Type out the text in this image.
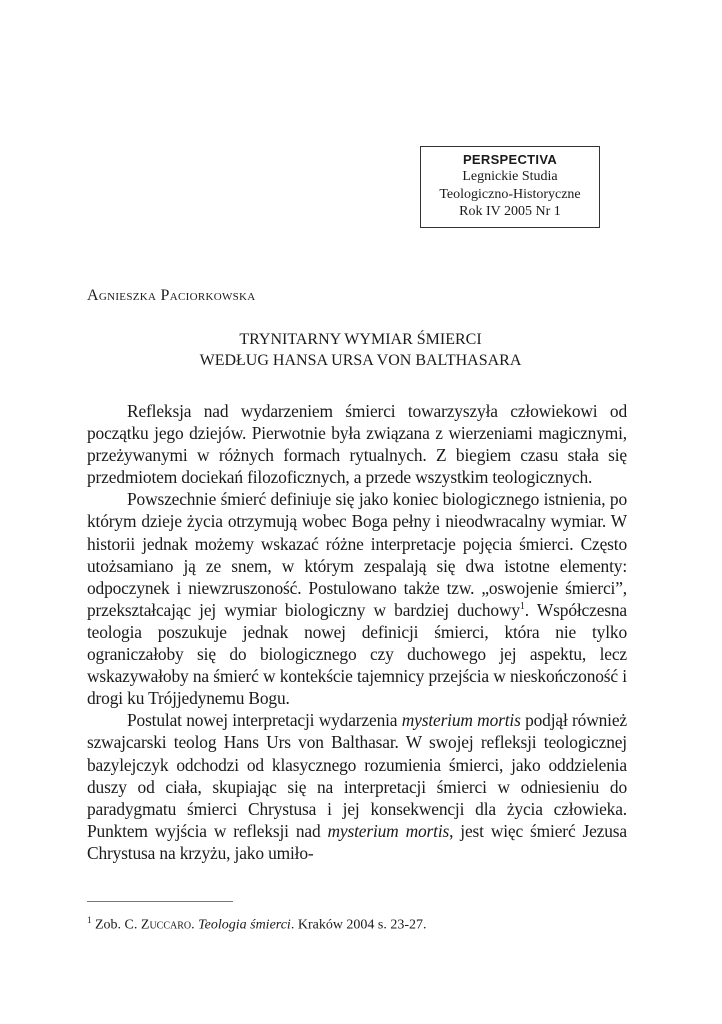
PERSPECTIVA
Legnickie Studia
Teologiczno-Historyczne
Rok IV 2005 Nr 1
Agnieszka Paciorkowska
TRYNITARNY WYMIAR ŚMIERCI
WEDŁUG HANSA URSA VON BALTHASARA

Refleksja nad wydarzeniem śmierci towarzyszyła człowiekowi od początku jego dziejów. Pierwotnie była związana z wierzeniami magicznymi, przeżywanymi w różnych formach rytualnych. Z biegiem czasu stała się przedmiotem dociekań filozoficznych, a przede wszystkim teologicznych.

Powszechnie śmierć definiuje się jako koniec biologicznego istnienia, po którym dzieje życia otrzymują wobec Boga pełny i nieodwracalny wymiar. W historii jednak możemy wskazać różne interpretacje pojęcia śmierci. Często utożsamiano ją ze snem, w którym zespalają się dwa istotne elementy: odpoczynek i niewzruszoność. Postulowano także tzw. „oswojenie śmierci”, przekształcając jej wymiar biologiczny w bardziej duchowy$^1$. Współczesna teologia poszukuje jednak nowej definicji śmierci, która nie tylko ograniczałoby się do biologicznego czy duchowego jej aspektu, lecz wskazywałoby na śmierć w kontekście tajemnicy przejścia w nieskończoność i drogi ku Trójjedynemu Bogu.

Postulat nowej interpretacji wydarzenia mysterium mortis podjął również szwajcarski teolog Hans Urs von Balthasar. W swojej refleksji teologicznej bazylejczyk odchodzi od klasycznego rozumienia śmierci, jako oddzielenia duszy od ciała, skupiając się na interpretacji śmierci w odniesieniu do paradygmatu śmierci Chrystusa i jej konsekwencji dla życia człowieka. Punktem wyjścia w refleksji nad mysterium mortis, jest więc śmierć Jezusa Chrystusa na krzyżu, jako umiło-

$^1$ Zob. C. Zuccaro. Teologia śmierci. Kraków 2004 s. 23-27.
